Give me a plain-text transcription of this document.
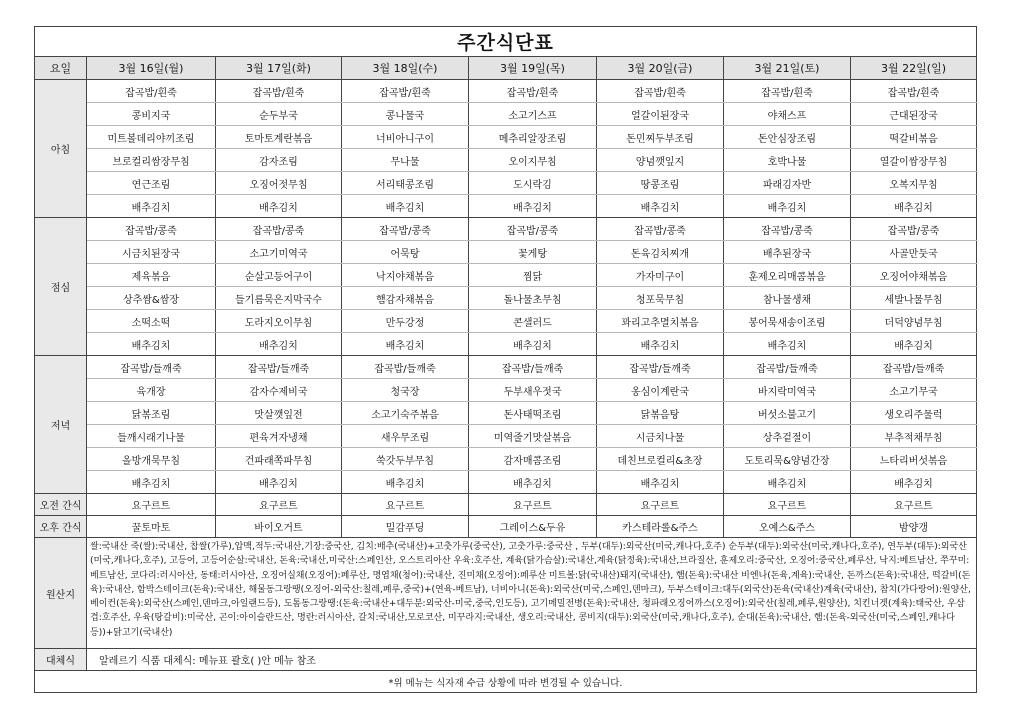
주간식단표							
요일	3월 16일(월)	3월 17일(화)	3월 18일(수)	3월 19일(목)	3월 20일(금)	3월 21일(토)	3월 22일(일)
아침	잡곡밥/흰죽	잡곡밥/흰죽	잡곡밥/흰죽	잡곡밥/흰죽	잡곡밥/흰죽	잡곡밥/흰죽	잡곡밥/흰죽
	콩비지국	순두부국	콩나물국	소고기스프	얼갈이된장국	야채스프	근대된장국
	미트볼데리야끼조림	토마토계란볶음	너비아니구이	메추리알장조림	돈민찌두부조림	돈안심장조림	떡갈비볶음
	브로컬리쌈장무침	감자조림	무나물	오이지무침	양념깻잎지	호박나물	열갈이쌈장무침
	연근조림	오징어젓무침	서리태콩조림	도시락김	땅콩조림	파래김자반	오복지무침
	배추김치	배추김치	배추김치	배추김치	배추김치	배추김치	배추김치
점심	잡곡밥/콩죽	잡곡밥/콩죽	잡곡밥/콩죽	잡곡밥/콩죽	잡곡밥/콩죽	잡곡밥/콩죽	잡곡밥/콩죽
	시금치된장국	소고기미역국	어묵탕	꽃게탕	돈육김치찌개	배추된장국	사골만둣국
	제육볶음	순살고등어구이	낙지야채볶음	찜닭	가자미구이	훈제오리매콤볶음	오징어야채볶음
	상추쌈&쌈장	들기름묵은지막국수	햄감자채볶음	돌나물초무침	청포묵무침	참나물생채	세발나물무침
	소떡소떡	도라지오이무침	만두강정	콘샐러드	꽈리고추멸치볶음	봉어묵새송이조림	더덕양념무침
	배추김치	배추김치	배추김치	배추김치	배추김치	배추김치	배추김치
저녁	잡곡밥/들깨죽	잡곡밥/들깨죽	잡곡밥/들깨죽	잡곡밥/들깨죽	잡곡밥/들깨죽	잡곡밥/들깨죽	잡곡밥/들깨죽
	육개장	감자수제비국	청국장	두부새우젓국	옹심이계란국	바지락미역국	소고기무국
	닭볶조림	맛살깻잎전	소고기숙주볶음	돈사태떡조림	닭볶음탕	버섯소불고기	생오리주물럭
	들깨시래기나물	편육겨자냉채	새우무조림	미역줄기맛살볶음	시금치나물	상추겉절이	부추적채무침
	올방개묵무침	건파래쪽파무침	쑥갓두부무침	감자매콤조림	데친브로컬리&초장	도토리묵&양념간장	느타리버섯볶음
	배추김치	배추김치	배추김치	배추김치	배추김치	배추김치	배추김치
오전 간식	요구르트	요구르트	요구르트	요구르트	요구르트	요구르트	요구르트
오후 간식	꿀토마토	바이오거트	밀감푸딩	그레이스&두유	카스테라롤&주스	오예스&주스	밤양갱
원산지	쌀:국내산 죽(쌀):국내산, 찹쌀(가루),압맥,적두:국내산,기장:중국산, 김치:배추(국내산)+고춧가루(중국산), 고춧가루:중국산 , 두부(대두):외국산(미국,캐나다,호주) 순두부(대두):외국산(미국,캐나다,호주), 연두부(대두):외국산(미국,캐나다,호주), 고등어, 고등어순살:국내산, 돈육:국내산,미국산:스페인산, 오스트리아산 우육:호주산, 계육(닭가슴살):국내산,계육(닭정육):국내산,브라질산, 훈제오리:중국산, 오징어:중국산,페루산, 낙지:베트남산, 쭈꾸미:베트남산, 코다리:러시아산, 동태:러시아산, 오징어실채(오징어):페루산, 명엽채(청어):국내산, 진미채(오징어):페루산 미트볼:닭(국내산)돼지(국내산), 햄(돈육):국내산 비엔나(돈육,계육):국내산, 돈까스(돈육):국내산, 떡갈비(돈육):국내산, 함박스테이크(돈육):국내산, 해물동그랑땡(오징어-외국산:칠레,페루,중국)+(연육-베트남), 너비아니(돈육):외국산(미국,스페인,덴마크), 두부스테이크:대두(외국산)돈육(국내산)계육(국내산), 참치(가다랑어):원양산, 베이컨(돈육):외국산(스페인,덴마크,아일랜드등), 도톰동그랑땡:(돈육:국내산+대두분:외국산-미국,중국,인도등), 고기메밀전병(돈육):국내산, 청파래오징어까스(오징어):외국산(칠레,페루,원양산), 치킨너겟(계육):태국산, 우삼겹:호주산, 우육(탕갈비):미국산, 곤이:아이슬란드산, 명란:러시아산, 갈치:국내산,모로코산, 미꾸라지:국내산, 생오리:국내산, 콩비지(대두):외국산(미국,캐나다,호주), 순대(돈육):국내산, 햄:(돈육-외국산(미국,스페인,캐나다등))+닭고기(국내산)						
대체식	알레르기 식품 대체식: 메뉴표 괄호( )안 메뉴 참조						
*위 메뉴는 식자재 수급 상황에 따라 변경될 수 있습니다.							
